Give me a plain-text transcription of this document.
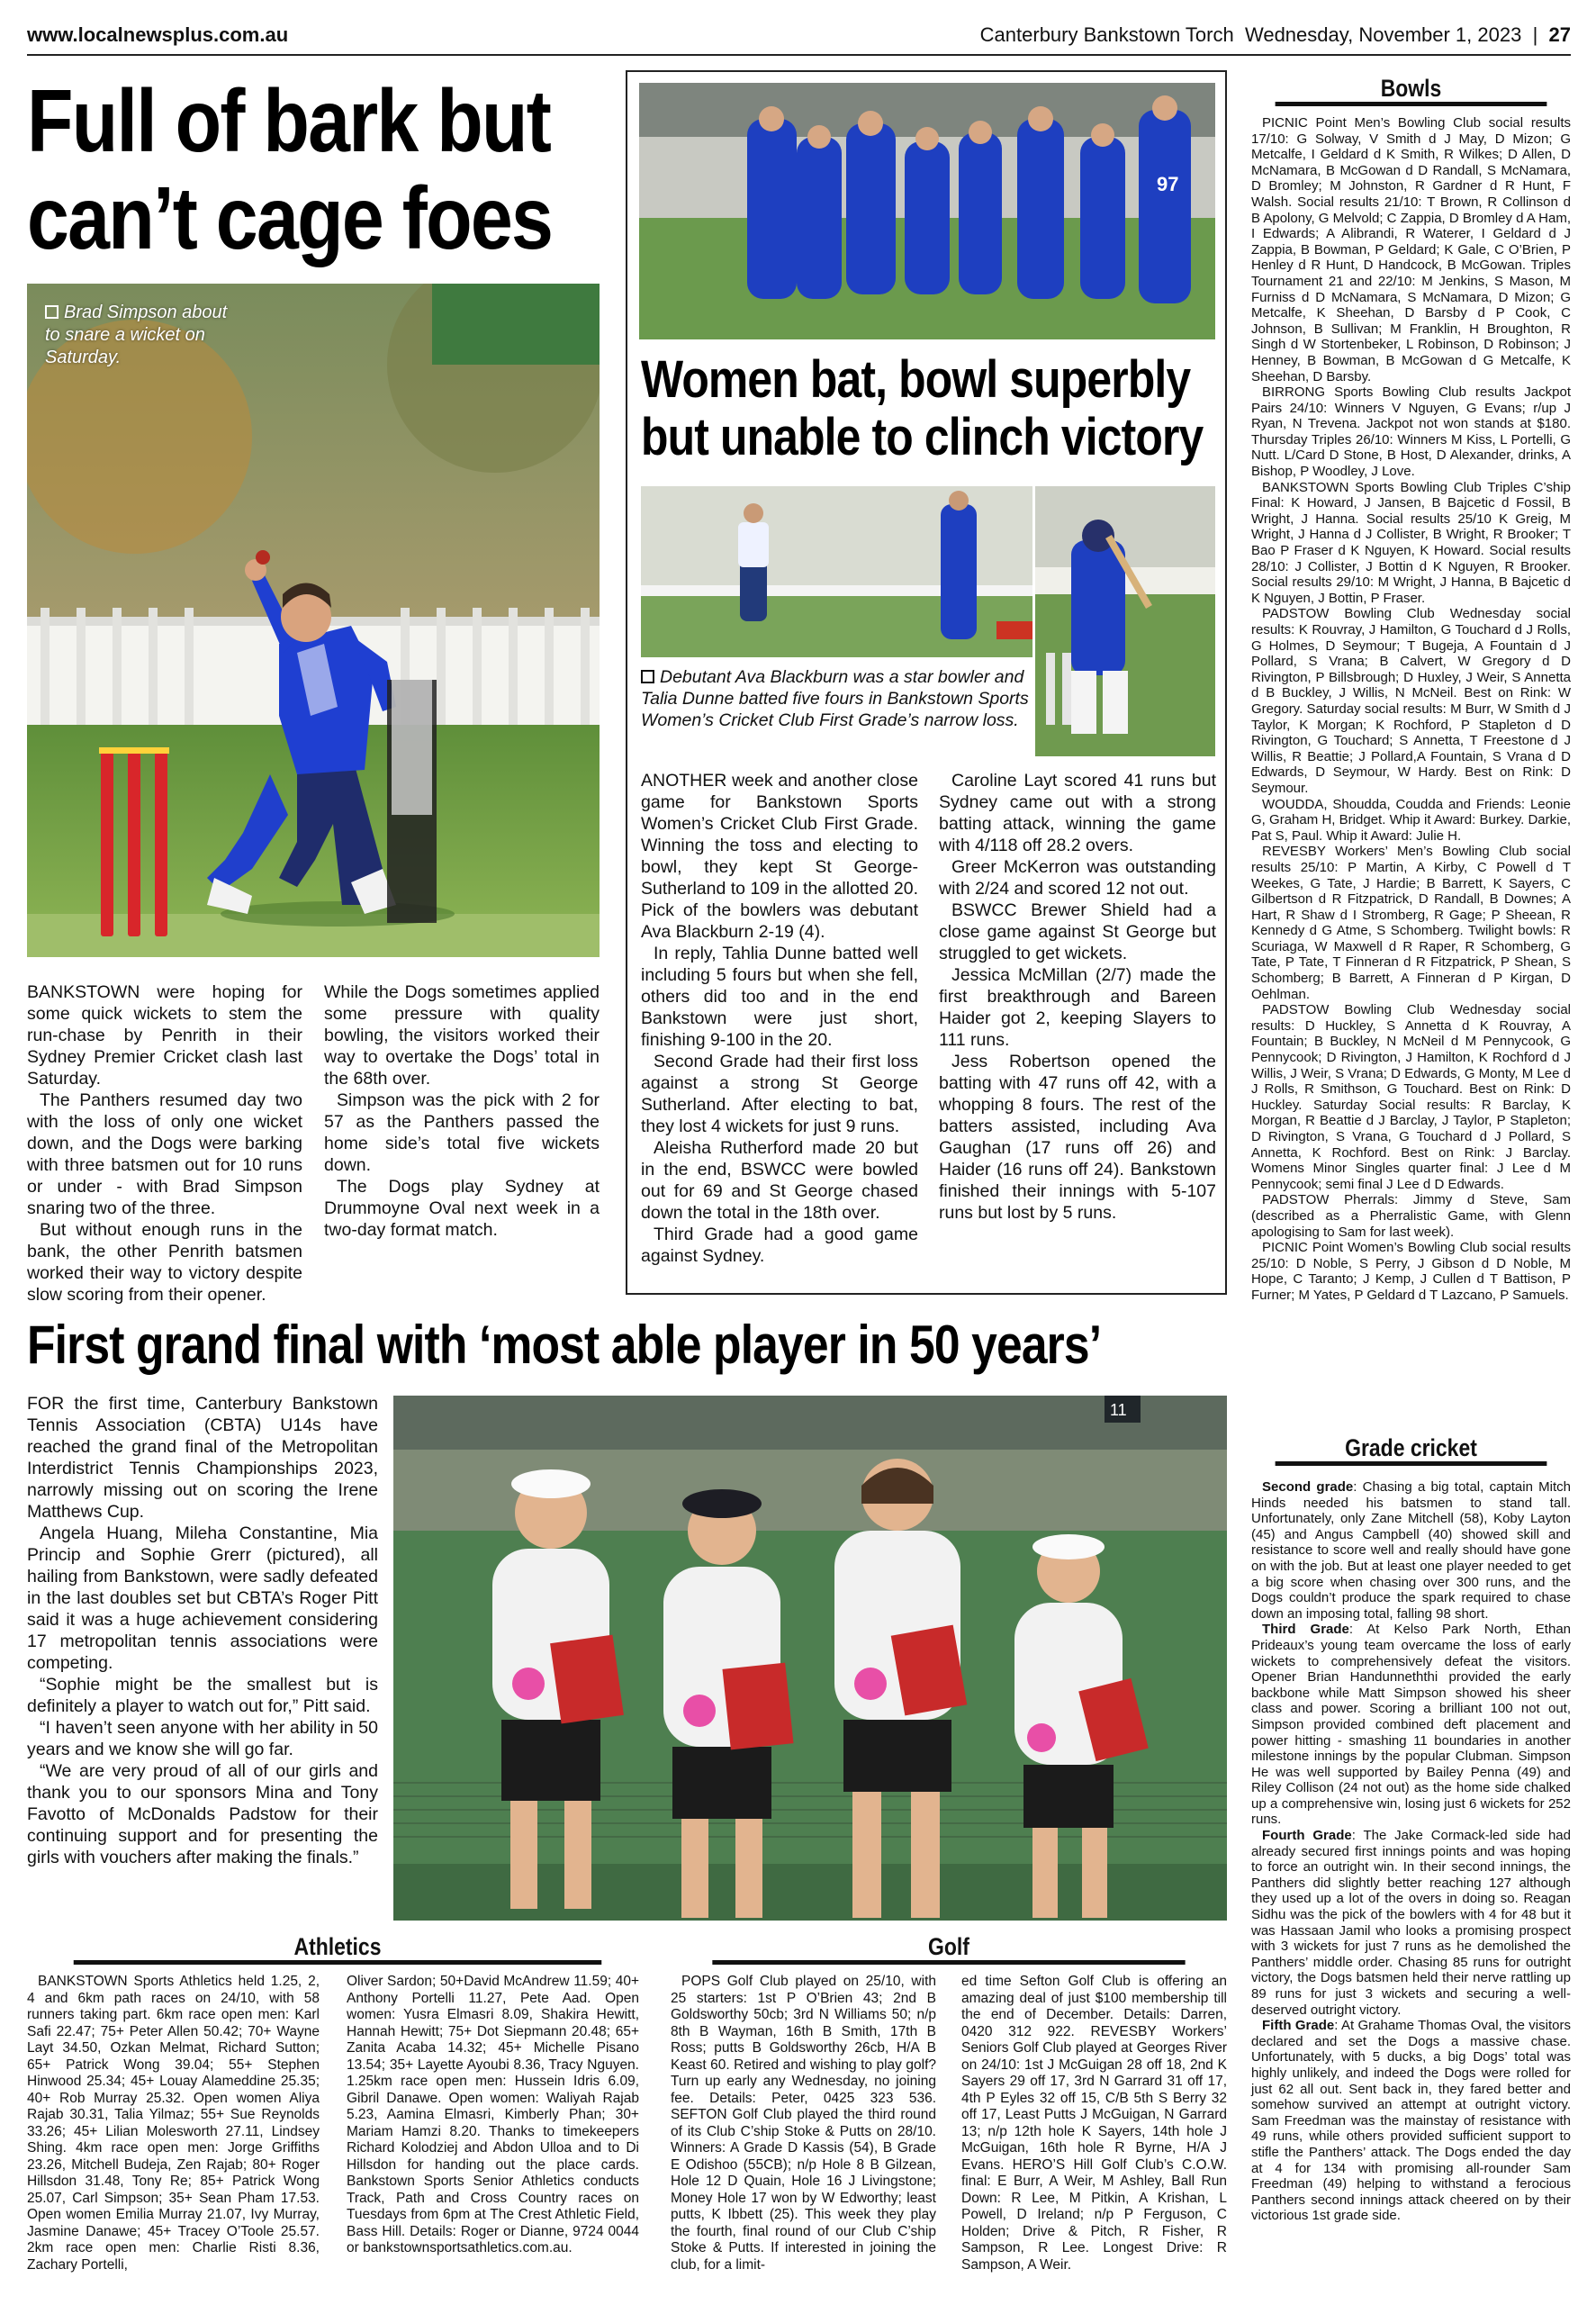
www.localnewsplus.com.au	Canterbury Bankstown Torch Wednesday, November 1, 2023  |  27
Full of bark but can’t cage foes
Brad Simpson about to snare a wicket on Saturday.

BANKSTOWN were hoping for some quick wickets to stem the run-chase by Penrith in their Sydney Premier Cricket clash last Saturday.

The Panthers resumed day two with the loss of only one wicket down, and the Dogs were barking with three batsmen out for 10 runs or under - with Brad Simpson snaring two of the three.

But without enough runs in the bank, the other Penrith batsmen worked their way to victory despite slow scoring from their opener.

While the Dogs sometimes applied some pressure with quality bowling, the visitors worked their way to overtake the Dogs’ total in the 68th over.

Simpson was the pick with 2 for 57 as the Panthers passed the home side’s total five wickets down.

The Dogs play Sydney at Drummoyne Oval next week in a two-day format match.

97
Women bat, bowl superbly but unable to clinch victory
Debutant Ava Blackburn was a star bowler and Talia Dunne batted five fours in Bankstown Sports Women’s Cricket Club First Grade’s narrow loss.

ANOTHER week and another close game for Bankstown Sports Women’s Cricket Club First Grade. Winning the toss and electing to bowl, they kept St George-Sutherland to 109 in the allotted 20. Pick of the bowlers was debutant Ava Blackburn 2-19 (4).

In reply, Tahlia Dunne batted well including 5 fours but when she fell, others did too and in the end Bankstown were just short, finishing 9-100 in the 20.

Second Grade had their first loss against a strong St George Sutherland. After electing to bat, they lost 4 wickets for just 9 runs.

Aleisha Rutherford made 20 but in the end, BSWCC were bowled out for 69 and St George chased down the total in the 18th over.

Third Grade had a good game against Sydney.

Caroline Layt scored 41 runs but Sydney came out with a strong batting attack, winning the game with 4/118 off 28.2 overs.

Greer McKerron was outstanding with 2/24 and scored 12 not out.

BSWCC Brewer Shield had a close game against St George but struggled to get wickets.

Jessica McMillan (2/7) made the first breakthrough and Bareen Haider got 2, keeping Slayers to 111 runs.

Jess Robertson opened the batting with 47 runs off 42, with a whopping 8 fours. The rest of the batters assisted, including Ava Gaughan (17 runs off 26) and Haider (16 runs off 24). Bankstown finished their innings with 5-107 runs but lost by 5 runs.

Bowls

PICNIC Point Men’s Bowling Club social results 17/10: G Solway, V Smith d J May, D Mizon; G Metcalfe, I Geldard d K Smith, R Wilkes; D Allen, D McNamara, B McGowan d D Randall, S McNamara, D Bromley; M Johnston, R Gardner d R Hunt, F Walsh. Social results 21/10: T Brown, R Collinson d B Apolony, G Melvold; C Zappia, D Bromley d A Ham, I Edwards; A Alibrandi, R Waterer, I Geldard d J Zappia, B Bowman, P Geldard; K Gale, C O’Brien, P Henley d R Hunt, D Handcock, B McGowan. Triples Tournament 21 and 22/10: M Jenkins, S Mason, M Furniss d D McNamara, S McNamara, D Mizon; G Metcalfe, K Sheehan, D Barsby d P Cook, C Johnson, B Sullivan; M Franklin, H Broughton, R Singh d W Stortenbeker, L Robinson, D Robinson; J Henney, B Bowman, B McGowan d G Metcalfe, K Sheehan, D Barsby.

BIRRONG Sports Bowling Club results Jackpot Pairs 24/10: Winners V Nguyen, G Evans; r/up J Ryan, N Trevena. Jackpot not won stands at $180. Thursday Triples 26/10: Winners M Kiss, L Portelli, G Nutt. L/Card D Stone, B Host, D Alexander, drinks, A Bishop, P Woodley, J Love.

BANKSTOWN Sports Bowling Club Triples C’ship Final: K Howard, J Jansen, B Bajcetic d Fossil, B Wright, J Hanna. Social results 25/10 K Greig, M Wright, J Hanna d J Collister, B Wright, R Brooker; T Bao P Fraser d K Nguyen, K Howard. Social results 28/10: J Collister, J Bottin d K Nguyen, R Brooker. Social results 29/10: M Wright, J Hanna, B Bajcetic d K Nguyen, J Bottin, P Fraser.

PADSTOW Bowling Club Wednesday social results: K Rouvray, J Hamilton, G Touchard d J Rolls, G Holmes, D Seymour; T Bugeja, A Fountain d J Pollard, S Vrana; B Calvert, W Gregory d D Rivington, P Billsbrough; D Huxley, J Weir, S Annetta d B Buckley, J Willis, N McNeil. Best on Rink: W Gregory. Saturday social results: M Burr, W Smith d J Taylor, K Morgan; K Rochford, P Stapleton d D Rivington, G Touchard; S Annetta, T Freestone d J Willis, R Beattie; J Pollard,A Fountain, S Vrana d D Edwards, D Seymour, W Hardy. Best on Rink: D Seymour.

WOUDDA, Shoudda, Coudda and Friends: Leonie G, Graham H, Bridget. Whip it Award: Burkey. Darkie, Pat S, Paul. Whip it Award: Julie H.

REVESBY Workers’ Men’s Bowling Club social results 25/10: P Martin, A Kirby, C Powell d T Weekes, G Tate, J Hardie; B Barrett, K Sayers, C Gilbertson d R Fitzpatrick, D Randall, B Downes; A Hart, R Shaw d I Stromberg, R Gage; P Sheean, R Kennedy d G Atme, S Schomberg. Twilight bowls: R Scuriaga, W Maxwell d R Raper, R Schomberg, G Tate, P Tate, T Finneran d R Fitzpatrick, P Shean, S Schomberg; B Barrett, A Finneran d P Kirgan, D Oehlman.

PADSTOW Bowling Club Wednesday social results: D Huckley, S Annetta d K Rouvray, A Fountain; B Buckley, N McNeil d M Pennycook, G Pennycook; D Rivington, J Hamilton, K Rochford d J Willis, J Weir, S Vrana; D Edwards, G Monty, M Lee d J Rolls, R Smithson, G Touchard. Best on Rink: D Huckley. Saturday Social results: R Barclay, K Morgan, R Beattie d J Barclay, J Taylor, P Stapleton; D Rivington, S Vrana, G Touchard d J Pollard, S Annetta, K Rochford. Best on Rink: J Barclay. Womens Minor Singles quarter final: J Lee d M Pennycook; semi final J Lee d D Edwards.

PADSTOW Pherrals: Jimmy d Steve, Sam (described as a Pherralistic Game, with Glenn apologising to Sam for last week).

PICNIC Point Women’s Bowling Club social results 25/10: D Noble, S Perry, J Gibson d D Noble, M Hope, C Taranto; J Kemp, J Cullen d T Battison, P Furner; M Yates, P Geldard d T Lazcano, P Samuels.

First grand final with ‘most able player in 50 years’

FOR the first time, Canterbury Bankstown Tennis Association (CBTA) U14s have reached the grand final of the Metropolitan Interdistrict Tennis Championships 2023, narrowly missing out on scoring the Irene Matthews Cup.

Angela Huang, Mileha Constantine, Mia Princip and Sophie Grerr (pictured), all hailing from Bankstown, were sadly defeated in the last doubles set but CBTA’s Roger Pitt said it was a huge achievement considering 17 metropolitan tennis associations were competing.

“Sophie might be the smallest but is definitely a player to watch out for,” Pitt said.

“I haven’t seen anyone with her ability in 50 years and we know she will go far.

“We are very proud of all of our girls and thank you to our sponsors Mina and Tony Favotto of McDonalds Padstow for their continuing support and for presenting the girls with vouchers after making the finals.”

11
Grade cricket

Second grade: Chasing a big total, captain Mitch Hinds needed his batsmen to stand tall. Unfortunately, only Zane Mitchell (58), Koby Layton (45) and Angus Campbell (40) showed skill and resistance to score well and really should have gone on with the job. But at least one player needed to get a big score when chasing over 300 runs, and the Dogs couldn’t produce the spark required to chase down an imposing total, falling 98 short.

Third Grade: At Kelso Park North, Ethan Prideaux’s young team overcame the loss of early wickets to comprehensively defeat the visitors. Opener Brian Handunneththi provided the early backbone while Matt Simpson showed his sheer class and power. Scoring a brilliant 100 not out, Simpson provided combined deft placement and power hitting - smashing 11 boundaries in another milestone innings by the popular Clubman. Simpson He was well supported by Bailey Penna (49) and Riley Collison (24 not out) as the home side chalked up a comprehensive win, losing just 6 wickets for 252 runs.

Fourth Grade: The Jake Cormack-led side had already secured first innings points and was hoping to force an outright win. In their second innings, the Panthers did slightly better reaching 127 although they used up a lot of the overs in doing so. Reagan Sidhu was the pick of the bowlers with 4 for 48 but it was Hassaan Jamil who looks a promising prospect with 3 wickets for just 7 runs as he demolished the Panthers’ middle order. Chasing 85 runs for outright victory, the Dogs batsmen held their nerve rattling up 89 runs for just 3 wickets and securing a well-deserved outright victory.

Fifth Grade: At Grahame Thomas Oval, the visitors declared and set the Dogs a massive chase. Unfortunately, with 5 ducks, a big Dogs’ total was highly unlikely, and indeed the Dogs were rolled for just 62 all out. Sent back in, they fared better and somehow survived an attempt at outright victory. Sam Freedman was the mainstay of resistance with 49 runs, while others provided sufficient support to stifle the Panthers’ attack. The Dogs ended the day at 4 for 134 with promising all-rounder Sam Freedman (49) helping to withstand a ferocious Panthers second innings attack cheered on by their victorious 1st grade side.

Athletics

BANKSTOWN Sports Athletics held 1.25, 2, 4 and 6km path races on 24/10, with 58 runners taking part. 6km race open men: Karl Safi 22.47; 75+ Peter Allen 50.42; 70+ Wayne Layt 34.50, Ozkan Melmat, Richard Sutton; 65+ Patrick Wong 39.04; 55+ Stephen Hinwood 25.34; 45+ Louay Alameddine 25.35; 40+ Rob Murray 25.32. Open women Aliya Rajab 30.31, Talia Yilmaz; 55+ Sue Reynolds 33.26; 45+ Lilian Molesworth 27.11, Lindsey Shing. 4km race open men: Jorge Griffiths 23.26, Mitchell Budeja, Zen Rajab; 80+ Roger Hillsdon 31.48, Tony Re; 85+ Patrick Wong 25.07, Carl Simpson; 35+ Sean Pham 17.53. Open women Emilia Murray 21.07, Ivy Murray, Jasmine Danawe; 45+ Tracey O’Toole 25.57. 2km race open men: Charlie Risti 8.36, Zachary Portelli,

Oliver Sardon; 50+David McAndrew 11.59; 40+ Anthony Portelli 11.27, Pete Aad. Open women: Yusra Elmasri 8.09, Shakira Hewitt, Hannah Hewitt; 75+ Dot Siepmann 20.48; 65+ Zanita Acaba 14.32; 45+ Michelle Pisano 13.54; 35+ Layette Ayoubi 8.36, Tracy Nguyen. 1.25km race open men: Hussein Idris 6.09, Gibril Danawe. Open women: Waliyah Rajab 5.23, Aamina Elmasri, Kimberly Phan; 30+ Mariam Hamzi 8.20. Thanks to timekeepers Richard Kolodziej and Abdon Ulloa and to Di Hillsdon for handing out the place cards. Bankstown Sports Senior Athletics conducts Track, Path and Cross Country races on Tuesdays from 6pm at The Crest Athletic Field, Bass Hill. Details: Roger or Dianne, 9724 0044 or bankstownsportsathletics.com.au.

Golf

POPS Golf Club played on 25/10, with 25 starters: 1st P O’Brien 43; 2nd B Goldsworthy 50cb; 3rd N Williams 50; n/p 8th B Wayman, 16th B Smith, 17th B Ross; putts B Goldsworthy 26cb, H/A B Keast 60. Retired and wishing to play golf? Turn up early any Wednesday, no joining fee. Details: Peter, 0425 323 536. SEFTON Golf Club played the third round of its Club C’ship Stoke & Putts on 28/10. Winners: A Grade D Kassis (54), B Grade E Odishoo (55CB); n/p Hole 8 B Gilzean, Hole 12 D Quain, Hole 16 J Livingstone; Money Hole 17 won by W Edworthy; least putts, K Ibbett (25). This week they play the fourth, final round of our Club C’ship Stoke & Putts. If interested in joining the club, for a limit-

ed time Sefton Golf Club is offering an amazing deal of just $100 membership till the end of December. Details: Darren, 0420 312 922. REVESBY Workers’ Seniors Golf Club played at Georges River on 24/10: 1st J McGuigan 28 off 18, 2nd K Sayers 29 off 17, 3rd N Garrard 31 off 17, 4th P Eyles 32 off 15, C/B 5th S Berry 32 off 17, Least Putts J McGuigan, N Garrard 13; n/p 12th hole K Sayers, 14th hole J McGuigan, 16th hole R Byrne, H/A J Evans. HERO’S Hill Golf Club’s C.O.W. final: E Burr, A Weir, M Ashley, Ball Run Down: R Lee, M Pitkin, A Krishan, L Powell, D Ireland; n/p P Ferguson, C Holden; Drive & Pitch, R Fisher, R Sampson, R Lee. Longest Drive: R Sampson, A Weir.
